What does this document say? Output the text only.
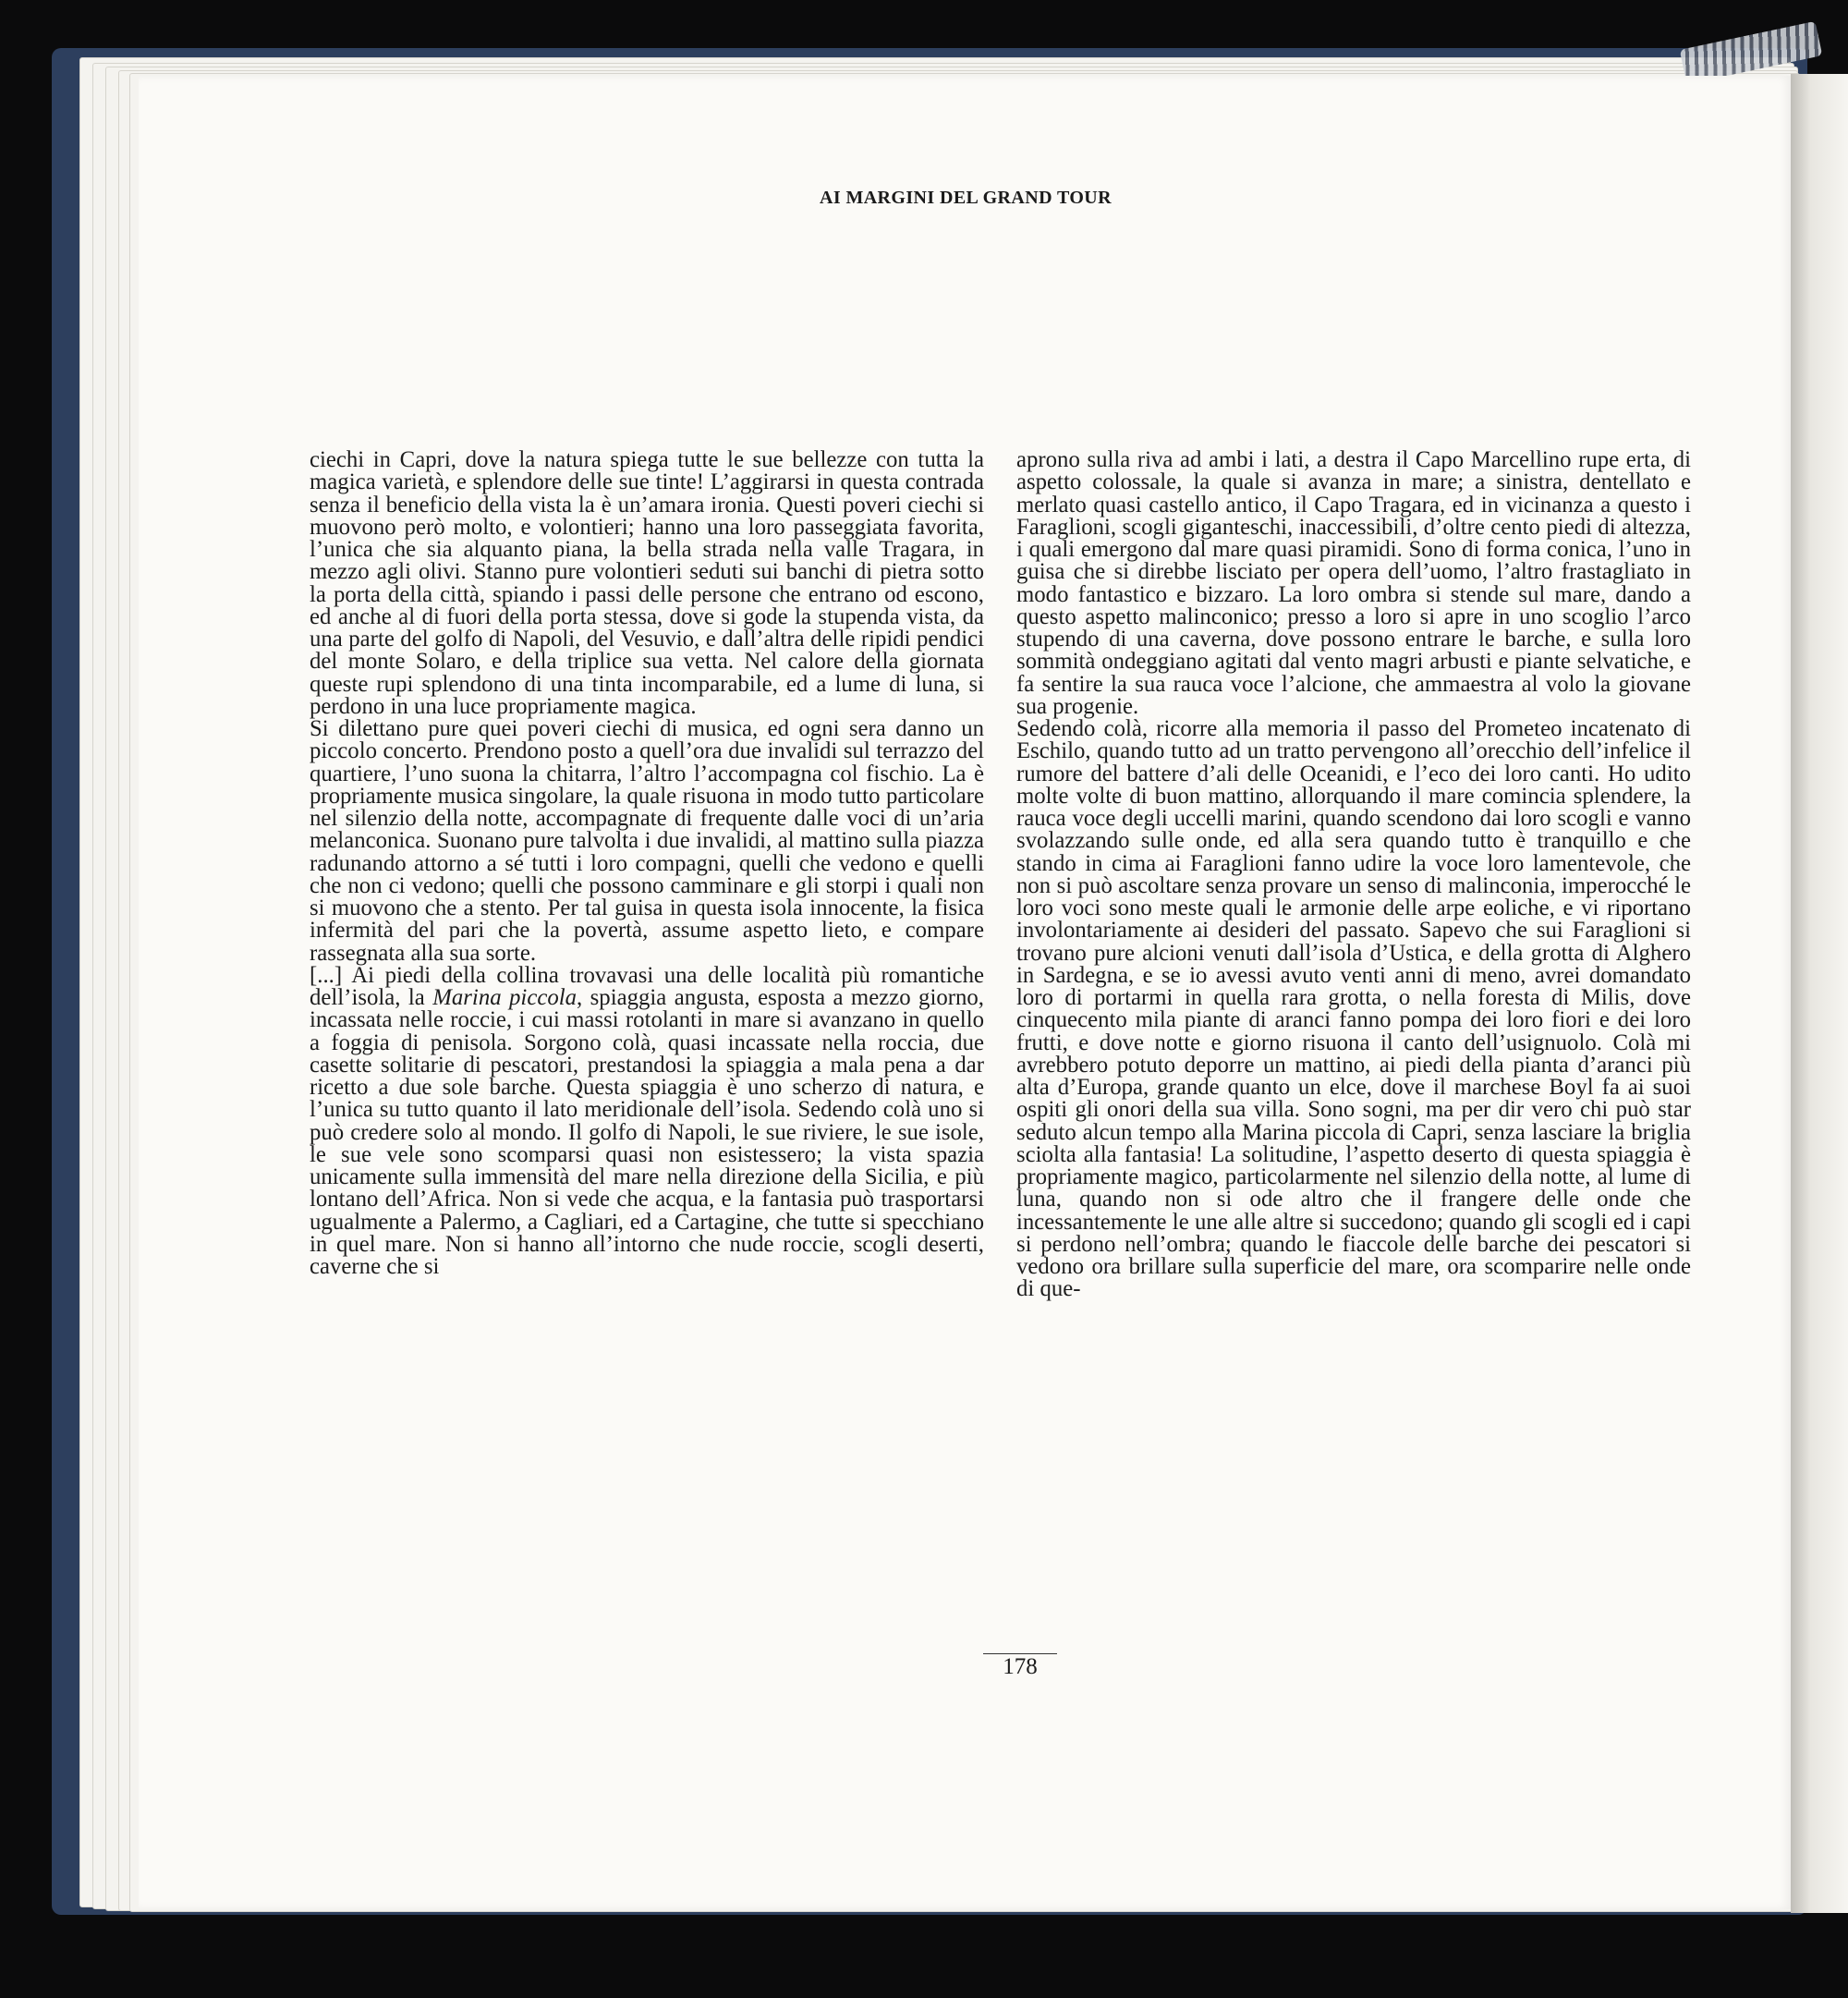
AI MARGINI DEL GRAND TOUR

ciechi in Capri, dove la natura spiega tutte le sue bellezze con tutta la magica varietà, e splendore delle sue tinte! L’aggirarsi in questa contrada senza il beneficio della vista la è un’amara ironia. Questi poveri ciechi si muovono però molto, e volontieri; hanno una loro passeggiata favorita, l’unica che sia alquanto piana, la bella strada nella valle Tragara, in mezzo agli olivi. Stanno pure volontieri seduti sui banchi di pietra sotto la porta della città, spiando i passi delle persone che entrano od escono, ed anche al di fuori della porta stessa, dove si gode la stupenda vista, da una parte del golfo di Napoli, del Vesuvio, e dall’altra delle ripidi pendici del monte Solaro, e della triplice sua vetta. Nel calore della giornata queste rupi splendono di una tinta incomparabile, ed a lume di luna, si perdono in una luce propriamente magica.

Si dilettano pure quei poveri ciechi di musica, ed ogni sera danno un piccolo concerto. Prendono posto a quell’ora due invalidi sul terrazzo del quartiere, l’uno suona la chitarra, l’altro l’accompagna col fischio. La è propriamente musica singolare, la quale risuona in modo tutto particolare nel silenzio della notte, accompagnate di frequente dalle voci di un’aria melanconica. Suonano pure talvolta i due invalidi, al mattino sulla piazza radunando attorno a sé tutti i loro compagni, quelli che vedono e quelli che non ci vedono; quelli che possono camminare e gli storpi i quali non si muovono che a stento. Per tal guisa in questa isola innocente, la fisica infermità del pari che la povertà, assume aspetto lieto, e compare rassegnata alla sua sorte.

[...] Ai piedi della collina trovavasi una delle località più romantiche dell’isola, la Marina piccola, spiaggia angusta, esposta a mezzo giorno, incassata nelle roccie, i cui massi rotolanti in mare si avanzano in quello a foggia di penisola. Sorgono colà, quasi incassate nella roccia, due casette solitarie di pescatori, prestandosi la spiaggia a mala pena a dar ricetto a due sole barche. Questa spiaggia è uno scherzo di natura, e l’unica su tutto quanto il lato meridionale dell’isola. Sedendo colà uno si può credere solo al mondo. Il golfo di Napoli, le sue riviere, le sue isole, le sue vele sono scomparsi quasi non esistessero; la vista spazia unicamente sulla immensità del mare nella direzione della Sicilia, e più lontano dell’Africa. Non si vede che acqua, e la fantasia può trasportarsi ugualmente a Palermo, a Cagliari, ed a Cartagine, che tutte si specchiano in quel mare. Non si hanno all’intorno che nude roccie, scogli deserti, caverne che si

aprono sulla riva ad ambi i lati, a destra il Capo Marcellino rupe erta, di aspetto colossale, la quale si avanza in mare; a sinistra, dentellato e merlato quasi castello antico, il Capo Tragara, ed in vicinanza a questo i Faraglioni, scogli giganteschi, inaccessibili, d’oltre cento piedi di altezza, i quali emergono dal mare quasi piramidi. Sono di forma conica, l’uno in guisa che si direbbe lisciato per opera dell’uomo, l’altro frastagliato in modo fantastico e bizzaro. La loro ombra si stende sul mare, dando a questo aspetto malinconico; presso a loro si apre in uno scoglio l’arco stupendo di una caverna, dove possono entrare le barche, e sulla loro sommità ondeggiano agitati dal vento magri arbusti e piante selvatiche, e fa sentire la sua rauca voce l’alcione, che ammaestra al volo la giovane sua progenie.

Sedendo colà, ricorre alla memoria il passo del Prometeo incatenato di Eschilo, quando tutto ad un tratto pervengono all’orecchio dell’infelice il rumore del battere d’ali delle Oceanidi, e l’eco dei loro canti. Ho udito molte volte di buon mattino, allorquando il mare comincia splendere, la rauca voce degli uccelli marini, quando scendono dai loro scogli e vanno svolazzando sulle onde, ed alla sera quando tutto è tranquillo e che stando in cima ai Faraglioni fanno udire la voce loro lamentevole, che non si può ascoltare senza provare un senso di malinconia, imperocché le loro voci sono meste quali le armonie delle arpe eoliche, e vi riportano involontariamente ai desideri del passato. Sapevo che sui Faraglioni si trovano pure alcioni venuti dall’isola d’Ustica, e della grotta di Alghero in Sardegna, e se io avessi avuto venti anni di meno, avrei domandato loro di portarmi in quella rara grotta, o nella foresta di Milis, dove cinquecento mila piante di aranci fanno pompa dei loro fiori e dei loro frutti, e dove notte e giorno risuona il canto dell’usignuolo. Colà mi avrebbero potuto deporre un mattino, ai piedi della pianta d’aranci più alta d’Europa, grande quanto un elce, dove il marchese Boyl fa ai suoi ospiti gli onori della sua villa. Sono sogni, ma per dir vero chi può star seduto alcun tempo alla Marina piccola di Capri, senza lasciare la briglia sciolta alla fantasia! La solitudine, l’aspetto deserto di questa spiaggia è propriamente magico, particolarmente nel silenzio della notte, al lume di luna, quando non si ode altro che il frangere delle onde che incessantemente le une alle altre si succedono; quando gli scogli ed i capi si perdono nell’ombra; quando le fiaccole delle barche dei pescatori si vedono ora brillare sulla superficie del mare, ora scomparire nelle onde di que-

178
